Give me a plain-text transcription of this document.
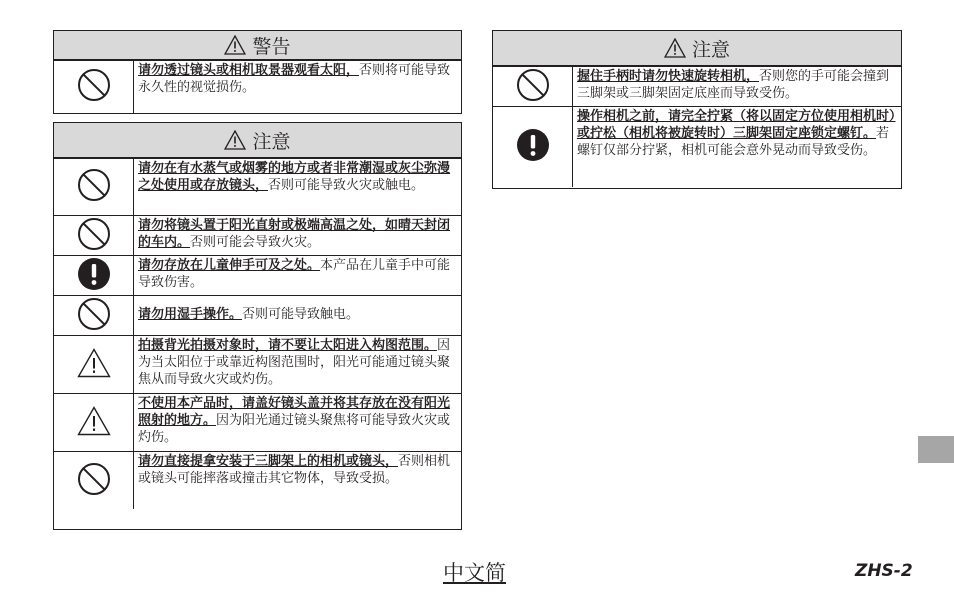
警告
请勿透过镜头或相机取景器观看太阳，否则将可能导致永久性的视觉损伤。
注意
请勿在有水蒸气或烟雾的地方或者非常潮湿或灰尘弥漫之处使用或存放镜头，否则可能导致火灾或触电。
请勿将镜头置于阳光直射或极端高温之处，如晴天封闭的车内。否则可能会导致火灾。
请勿存放在儿童伸手可及之处。本产品在儿童手中可能导致伤害。
请勿用湿手操作。否则可能导致触电。
拍摄背光拍摄对象时，请不要让太阳进入构图范围。因为当太阳位于或靠近构图范围时，阳光可能通过镜头聚焦从而导致火灾或灼伤。
不使用本产品时，请盖好镜头盖并将其存放在没有阳光照射的地方。因为阳光通过镜头聚焦将可能导致火灾或灼伤。
请勿直接提拿安装于三脚架上的相机或镜头，否则相机或镜头可能摔落或撞击其它物体，导致受损。
注意
握住手柄时请勿快速旋转相机，否则您的手可能会撞到三脚架或三脚架固定底座而导致受伤。
操作相机之前，请完全拧紧（将以固定方位使用相机时）或拧松（相机将被旋转时）三脚架固定座锁定螺钉。若螺钉仅部分拧紧，相机可能会意外晃动而导致受伤。
中文简	ZHS-2
